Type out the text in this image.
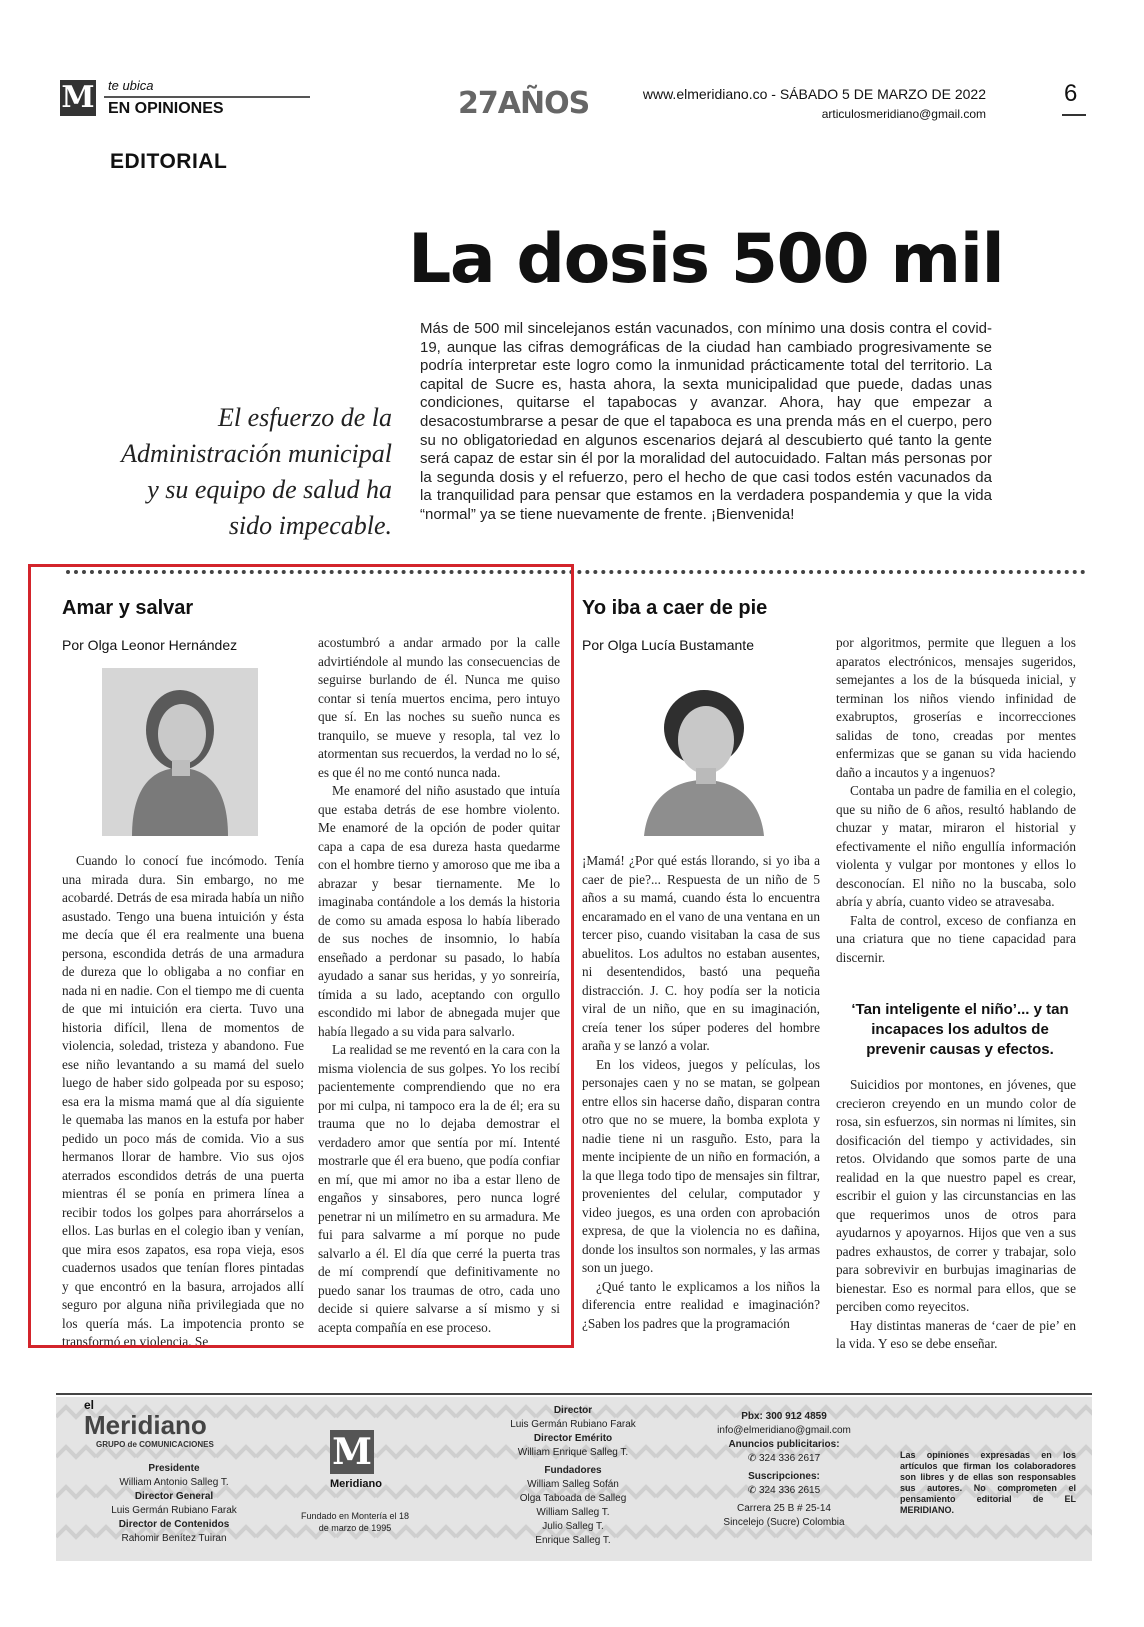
M te ubica
EN OPINIONES
EDITORIAL
27AÑOS	www.elmeridiano.co - SÁBADO 5 DE MARZO DE 2022
articulosmeridiano@gmail.com
6
La dosis 500 mil
El esfuerzo de la Administración municipal y su equipo de salud ha sido impecable.
Más de 500 mil sincelejanos están vacunados, con mínimo una dosis contra el covid-19, aunque las cifras demográficas de la ciudad han cambiado progresivamente se podría interpretar este logro como la inmunidad prácticamente total del territorio. La capital de Sucre es, hasta ahora, la sexta municipalidad que puede, dadas unas condiciones, quitarse el tapabocas y avanzar. Ahora, hay que empezar a desacostumbrarse a pesar de que el tapaboca es una prenda más en el cuerpo, pero su no obligatoriedad en algunos escenarios dejará al descubierto qué tanto la gente será capaz de estar sin él por la moralidad del autocuidado. Faltan más personas por la segunda dosis y el refuerzo, pero el hecho de que casi todos estén vacunados da la tranquilidad para pensar que estamos en la verdadera pospandemia y que la vida “normal” ya se tiene nuevamente de frente. ¡Bienvenida!
Amar y salvar
Por Olga Leonor Hernández

Cuando lo conocí fue incómodo. Tenía una mirada dura. Sin embargo, no me acobardé. Detrás de esa mirada había un niño asustado. Tengo una buena intuición y ésta me decía que él era realmente una buena persona, escondida detrás de una armadura de dureza que lo obligaba a no confiar en nada ni en nadie. Con el tiempo me di cuenta de que mi intuición era cierta. Tuvo una historia difícil, llena de momentos de violencia, soledad, tristeza y abandono. Fue ese niño levantando a su mamá del suelo luego de haber sido golpeada por su esposo; esa era la misma mamá que al día siguiente le quemaba las manos en la estufa por haber pedido un poco más de comida. Vio a sus hermanos llorar de hambre. Vio sus ojos aterrados escondidos detrás de una puerta mientras él se ponía en primera línea a recibir todos los golpes para ahorrárselos a ellos. Las burlas en el colegio iban y venían, que mira esos zapatos, esa ropa vieja, esos cuadernos usados que tenían flores pintadas y que encontró en la basura, arrojados allí seguro por alguna niña privilegiada que no los quería más. La impotencia pronto se transformó en violencia. Se

acostumbró a andar armado por la calle advirtiéndole al mundo las consecuencias de seguirse burlando de él. Nunca me quiso contar si tenía muertos encima, pero intuyo que sí. En las noches su sueño nunca es tranquilo, se mueve y resopla, tal vez lo atormentan sus recuerdos, la verdad no lo sé, es que él no me contó nunca nada.

Me enamoré del niño asustado que intuía que estaba detrás de ese hombre violento. Me enamoré de la opción de poder quitar capa a capa de esa dureza hasta quedarme con el hombre tierno y amoroso que me iba a abrazar y besar tiernamente. Me lo imaginaba contándole a los demás la historia de como su amada esposa lo había liberado de sus noches de insomnio, lo había enseñado a perdonar su pasado, lo había ayudado a sanar sus heridas, y yo sonreiría, tímida a su lado, aceptando con orgullo escondido mi labor de abnegada mujer que había llegado a su vida para salvarlo.

La realidad se me reventó en la cara con la misma violencia de sus golpes. Yo los recibí pacientemente comprendiendo que no era por mi culpa, ni tampoco era la de él; era su trauma que no lo dejaba demostrar el verdadero amor que sentía por mí. Intenté mostrarle que él era bueno, que podía confiar en mí, que mi amor no iba a estar lleno de engaños y sinsabores, pero nunca logré penetrar ni un milímetro en su armadura. Me fui para salvarme a mí porque no pude salvarlo a él. El día que cerré la puerta tras de mí comprendí que definitivamente no puedo sanar los traumas de otro, cada uno decide si quiere salvarse a sí mismo y si acepta compañía en ese proceso.

Yo iba a caer de pie
Por Olga Lucía Bustamante

¡Mamá! ¿Por qué estás llorando, si yo iba a caer de pie?... Respuesta de un niño de 5 años a su mamá, cuando ésta lo encuentra encaramado en el vano de una ventana en un tercer piso, cuando visitaban la casa de sus abuelitos. Los adultos no estaban ausentes, ni desentendidos, bastó una pequeña distracción. J. C. hoy podía ser la noticia viral de un niño, que en su imaginación, creía tener los súper poderes del hombre araña y se lanzó a volar.

En los videos, juegos y películas, los personajes caen y no se matan, se golpean entre ellos sin hacerse daño, disparan contra otro que no se muere, la bomba explota y nadie tiene ni un rasguño. Esto, para la mente incipiente de un niño en formación, a la que llega todo tipo de mensajes sin filtrar, provenientes del celular, computador y video juegos, es una orden con aprobación expresa, de que la violencia no es dañina, donde los insultos son normales, y las armas son un juego.

¿Qué tanto le explicamos a los niños la diferencia entre realidad e imaginación? ¿Saben los padres que la programación

por algoritmos, permite que lleguen a los aparatos electrónicos, mensajes sugeridos, semejantes a los de la búsqueda inicial, y terminan los niños viendo infinidad de exabruptos, groserías e incorrecciones salidas de tono, creadas por mentes enfermizas que se ganan su vida haciendo daño a incautos y a ingenuos?

Contaba un padre de familia en el colegio, que su niño de 6 años, resultó hablando de chuzar y matar, miraron el historial y efectivamente el niño engullía información violenta y vulgar por montones y ellos lo desconocían. El niño no la buscaba, solo abría y abría, cuanto video se atravesaba.

Falta de control, exceso de confianza en una criatura que no tiene capacidad para discernir.

‘Tan inteligente el niño’... y tan incapaces los adultos de prevenir causas y efectos.

Suicidios por montones, en jóvenes, que crecieron creyendo en un mundo color de rosa, sin esfuerzos, sin normas ni límites, sin dosificación del tiempo y actividades, sin retos. Olvidando que somos parte de una realidad en la que nuestro papel es crear, escribir el guion y las circunstancias en las que requerimos unos de otros para ayudarnos y apoyarnos. Hijos que ven a sus padres exhaustos, de correr y trabajar, solo para sobrevivir en burbujas imaginarias de bienestar. Eso es normal para ellos, que se perciben como reyecitos.

Hay distintas maneras de ‘caer de pie’ en la vida. Y eso se debe enseñar.

el
Meridiano
GRUPO de COMUNICACIONES
Presidente
William Antonio Salleg T.
Director General
Luis Germán Rubiano Farak
Director de Contenidos
Rahomir Benítez Tuiran
M
Meridiano
Fundado en Montería el 18 de marzo de 1995
Director
Luis Germán Rubiano Farak
Director Emérito
William Enrique Salleg T.
Fundadores
William Salleg Sofán
Olga Taboada de Salleg
William Salleg T.
Julio Salleg T.
Enrique Salleg T.
Pbx: 300 912 4859
info@elmeridiano@gmail.com
Anuncios publicitarios:
✆ 324 336 2617
Suscripciones:
✆ 324 336 2615
Carrera 25 B # 25-14
Sincelejo (Sucre) Colombia
Las opiniones expresadas en los artículos que firman los colaboradores son libres y de ellas son responsables sus autores. No comprometen el pensamiento editorial de EL MERIDIANO.
